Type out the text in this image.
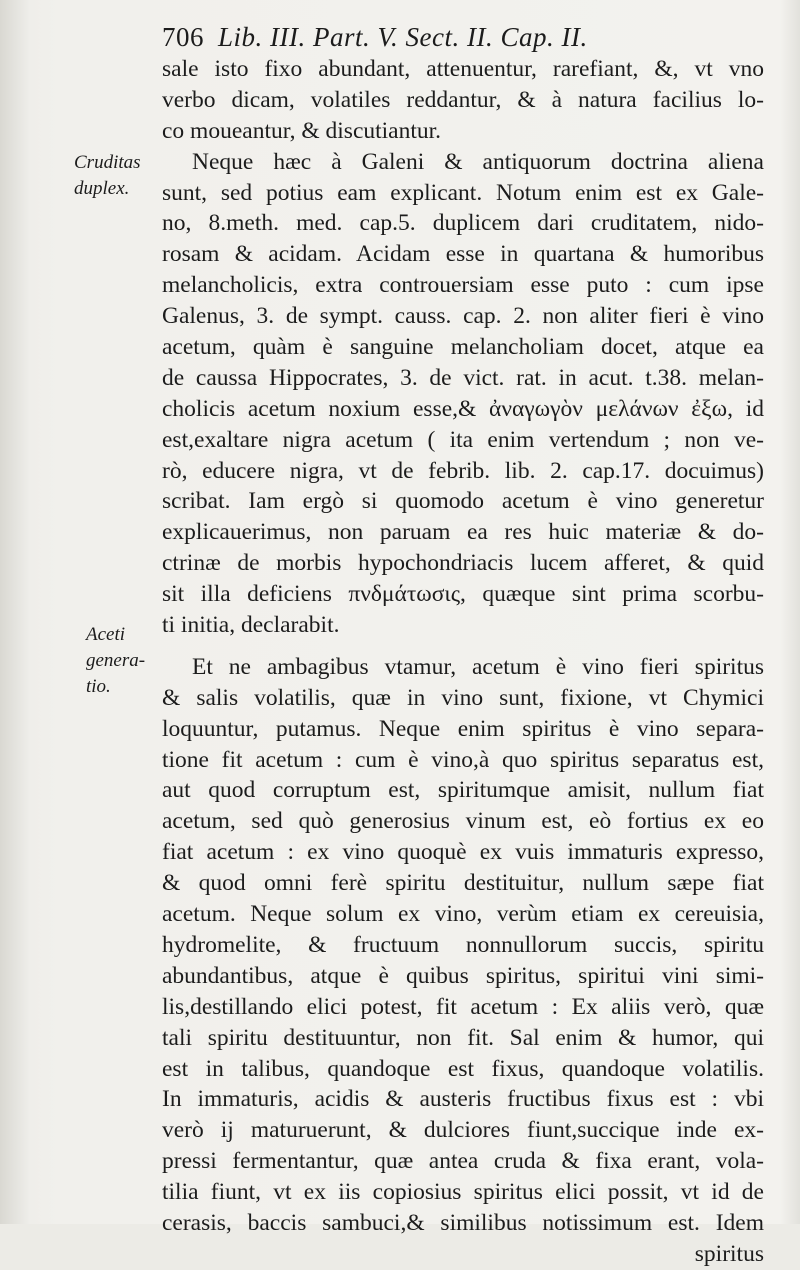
706 Lib. III. Part. V. Sect. II. Cap. II.
Cruditas
duplex.
Aceti
genera-
tio.
sale isto fixo abundant, attenuentur, rarefiant, &, vt vno
verbo dicam, volatiles reddantur, & à natura facilius lo-
co moueantur, & discutiantur.
Neque hæc à Galeni & antiquorum doctrina aliena
sunt, sed potius eam explicant. Notum enim est ex Gale-
no, 8.meth. med. cap.5. duplicem dari cruditatem, nido-
rosam & acidam. Acidam esse in quartana & humoribus
melancholicis, extra controuersiam esse puto : cum ipse
Galenus, 3. de sympt. causs. cap. 2. non aliter fieri è vino
acetum, quàm è sanguine melancholiam docet, atque ea
de caussa Hippocrates, 3. de vict. rat. in acut. t.38. melan-
cholicis acetum noxium esse,& ἀναγωγὸν μελάνων ἐξω, id
est,exaltare nigra acetum ( ita enim vertendum ; non ve-
rò, educere nigra, vt de febrib. lib. 2. cap.17. docuimus)
scribat. Iam ergò si quomodo acetum è vino generetur
explicauerimus, non paruam ea res huic materiæ & do-
ctrinæ de morbis hypochondriacis lucem afferet, & quid
sit illa deficiens πνδμάτωσις, quæque sint prima scorbu-
ti initia, declarabit.
Et ne ambagibus vtamur, acetum è vino fieri spiritus
& salis volatilis, quæ in vino sunt, fixione, vt Chymici
loquuntur, putamus. Neque enim spiritus è vino separa-
tione fit acetum : cum è vino,à quo spiritus separatus est,
aut quod corruptum est, spiritumque amisit, nullum fiat
acetum, sed quò generosius vinum est, eò fortius ex eo
fiat acetum : ex vino quoquè ex vuis immaturis expresso,
& quod omni ferè spiritu destituitur, nullum sæpe fiat
acetum. Neque solum ex vino, verùm etiam ex cereuisia,
hydromelite, & fructuum nonnullorum succis, spiritu
abundantibus, atque è quibus spiritus, spiritui vini simi-
lis,destillando elici potest, fit acetum : Ex aliis verò, quæ
tali spiritu destituuntur, non fit. Sal enim & humor, qui
est in talibus, quandoque est fixus, quandoque volatilis.
In immaturis, acidis & austeris fructibus fixus est : vbi
verò ij maturuerunt, & dulciores fiunt,succique inde ex-
pressi fermentantur, quæ antea cruda & fixa erant, vola-
tilia fiunt, vt ex iis copiosius spiritus elici possit, vt id de
cerasis, baccis sambuci,& similibus notissimum est. Idem
spiritus
